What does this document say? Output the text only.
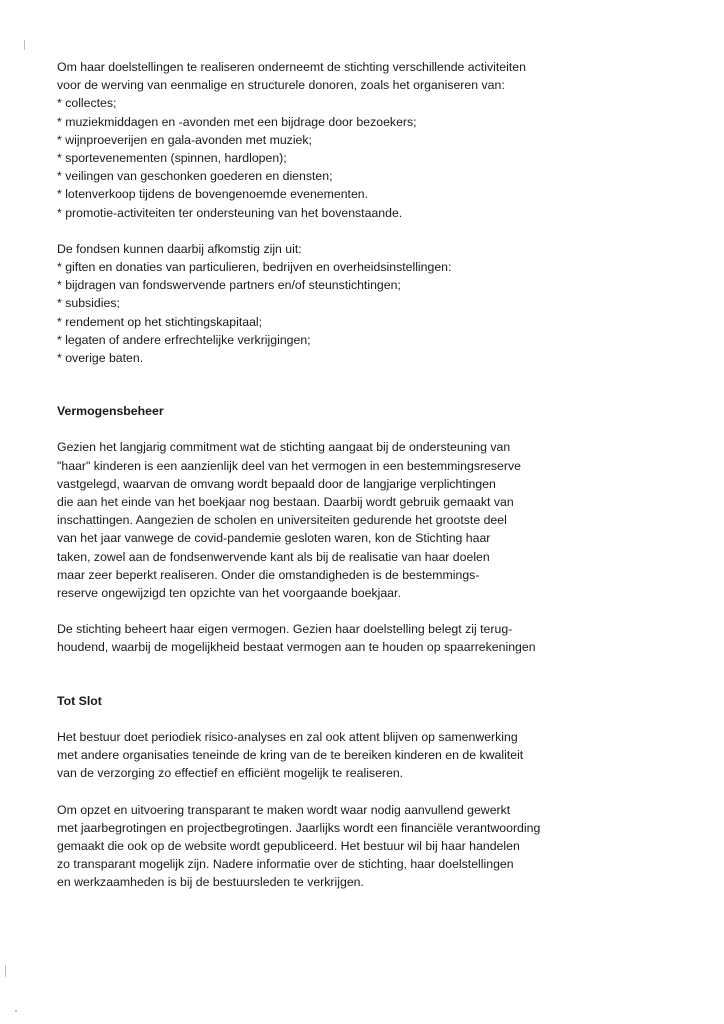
Om haar doelstellingen te realiseren onderneemt de stichting verschillende activiteiten
voor de werving van eenmalige en structurele donoren, zoals het organiseren van:
* collectes;
* muziekmiddagen en -avonden met een bijdrage door bezoekers;
* wijnproeverijen en gala-avonden met muziek;
* sportevenementen (spinnen, hardlopen);
* veilingen van geschonken goederen en diensten;
* lotenverkoop tijdens de bovengenoemde evenementen.
* promotie-activiteiten ter ondersteuning van het bovenstaande.
De fondsen kunnen daarbij afkomstig zijn uit:
* giften en donaties van particulieren, bedrijven en overheidsinstellingen:
* bijdragen van fondswervende partners en/of steunstichtingen;
* subsidies;
* rendement op het stichtingskapitaal;
* legaten of andere erfrechtelijke verkrijgingen;
* overige baten.
Vermogensbeheer
Gezien het langjarig commitment wat de stichting aangaat bij de ondersteuning van
"haar" kinderen is een aanzienlijk deel van het vermogen in een bestemmingsreserve
vastgelegd, waarvan de omvang wordt bepaald door de langjarige verplichtingen
die aan het einde van het boekjaar nog bestaan. Daarbij wordt gebruik gemaakt van
inschattingen. Aangezien de scholen en universiteiten gedurende het grootste deel
van het jaar vanwege de covid-pandemie gesloten waren, kon de Stichting haar
taken, zowel aan de fondsenwervende kant als bij de realisatie van haar doelen
maar zeer beperkt realiseren. Onder die omstandigheden is de bestemmings-
reserve ongewijzigd ten opzichte van het voorgaande boekjaar.
De stichting beheert haar eigen vermogen. Gezien haar doelstelling belegt zij terug-
houdend, waarbij de mogelijkheid bestaat vermogen aan te houden op spaarrekeningen
Tot Slot
Het bestuur doet periodiek risico-analyses en zal ook attent blijven op samenwerking
met andere organisaties teneinde de kring van de te bereiken kinderen en de kwaliteit
van de verzorging zo effectief en efficiënt mogelijk te realiseren.
Om opzet en uitvoering transparant te maken wordt waar nodig aanvullend gewerkt
met jaarbegrotingen en projectbegrotingen. Jaarlijks wordt een financiële verantwoording
gemaakt die ook op de website wordt gepubliceerd. Het bestuur wil bij haar handelen
zo transparant mogelijk zijn. Nadere informatie over de stichting, haar doelstellingen
en werkzaamheden is bij de bestuursleden te verkrijgen.
